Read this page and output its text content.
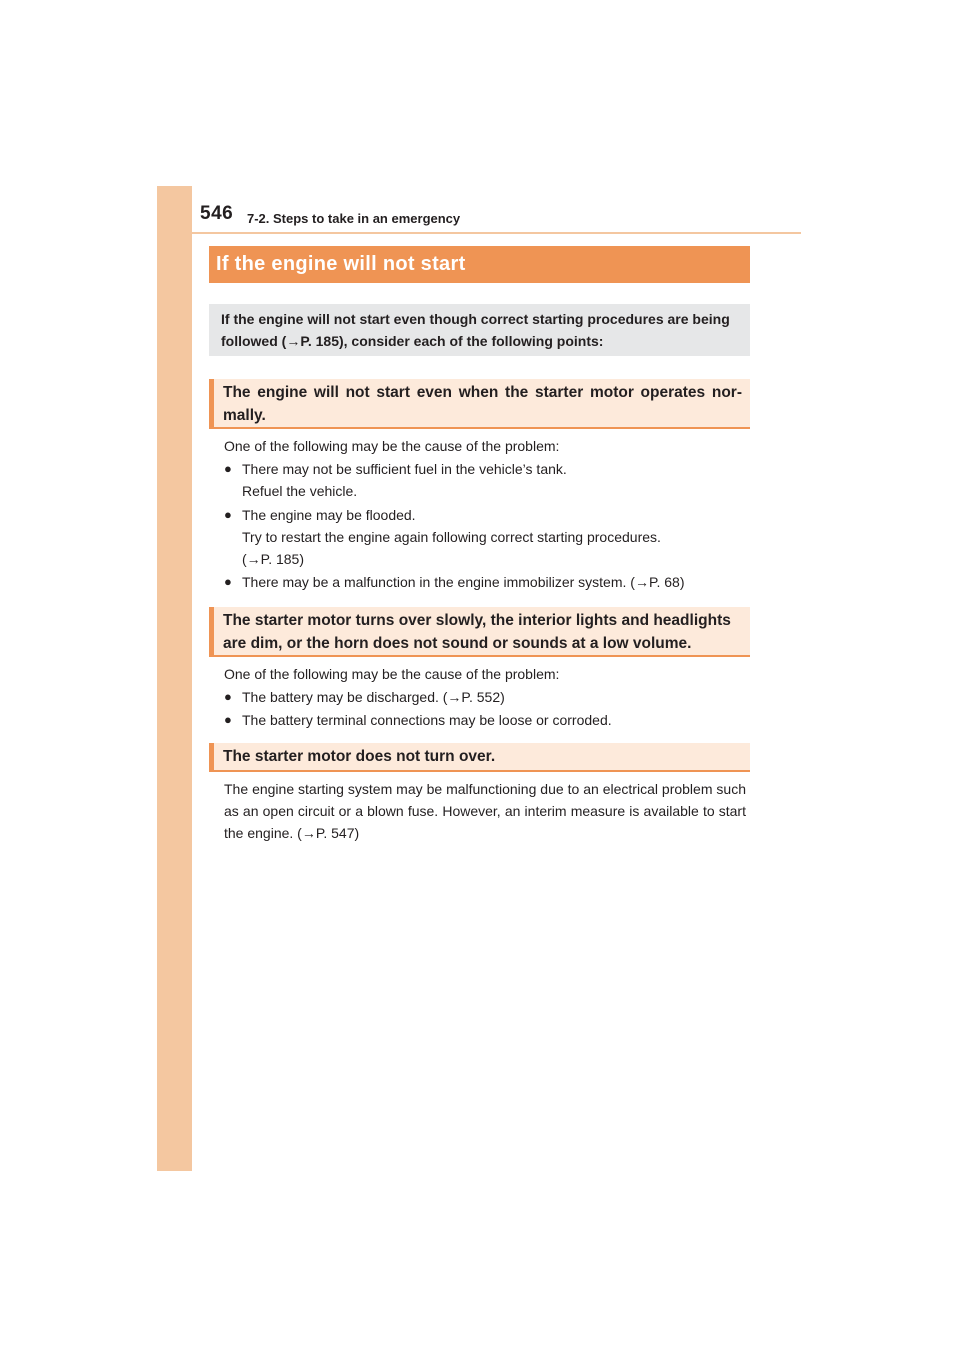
546 7-2. Steps to take in an emergency
If the engine will not start
If the engine will not start even though correct starting procedures are being followed (→P. 185), consider each of the following points:
The engine will not start even when the starter motor operates nor-mally.
One of the following may be the cause of the problem:
● There may not be sufficient fuel in the vehicle’s tank.
Refuel the vehicle.
● The engine may be flooded.
Try to restart the engine again following correct starting procedures.
(→P. 185)
● There may be a malfunction in the engine immobilizer system. (→P. 68)
The starter motor turns over slowly, the interior lights and headlights are dim, or the horn does not sound or sounds at a low volume.
One of the following may be the cause of the problem:
● The battery may be discharged. (→P. 552)
● The battery terminal connections may be loose or corroded.
The starter motor does not turn over.
The engine starting system may be malfunctioning due to an electrical problem such as an open circuit or a blown fuse. However, an interim measure is available to start the engine. (→P. 547)
